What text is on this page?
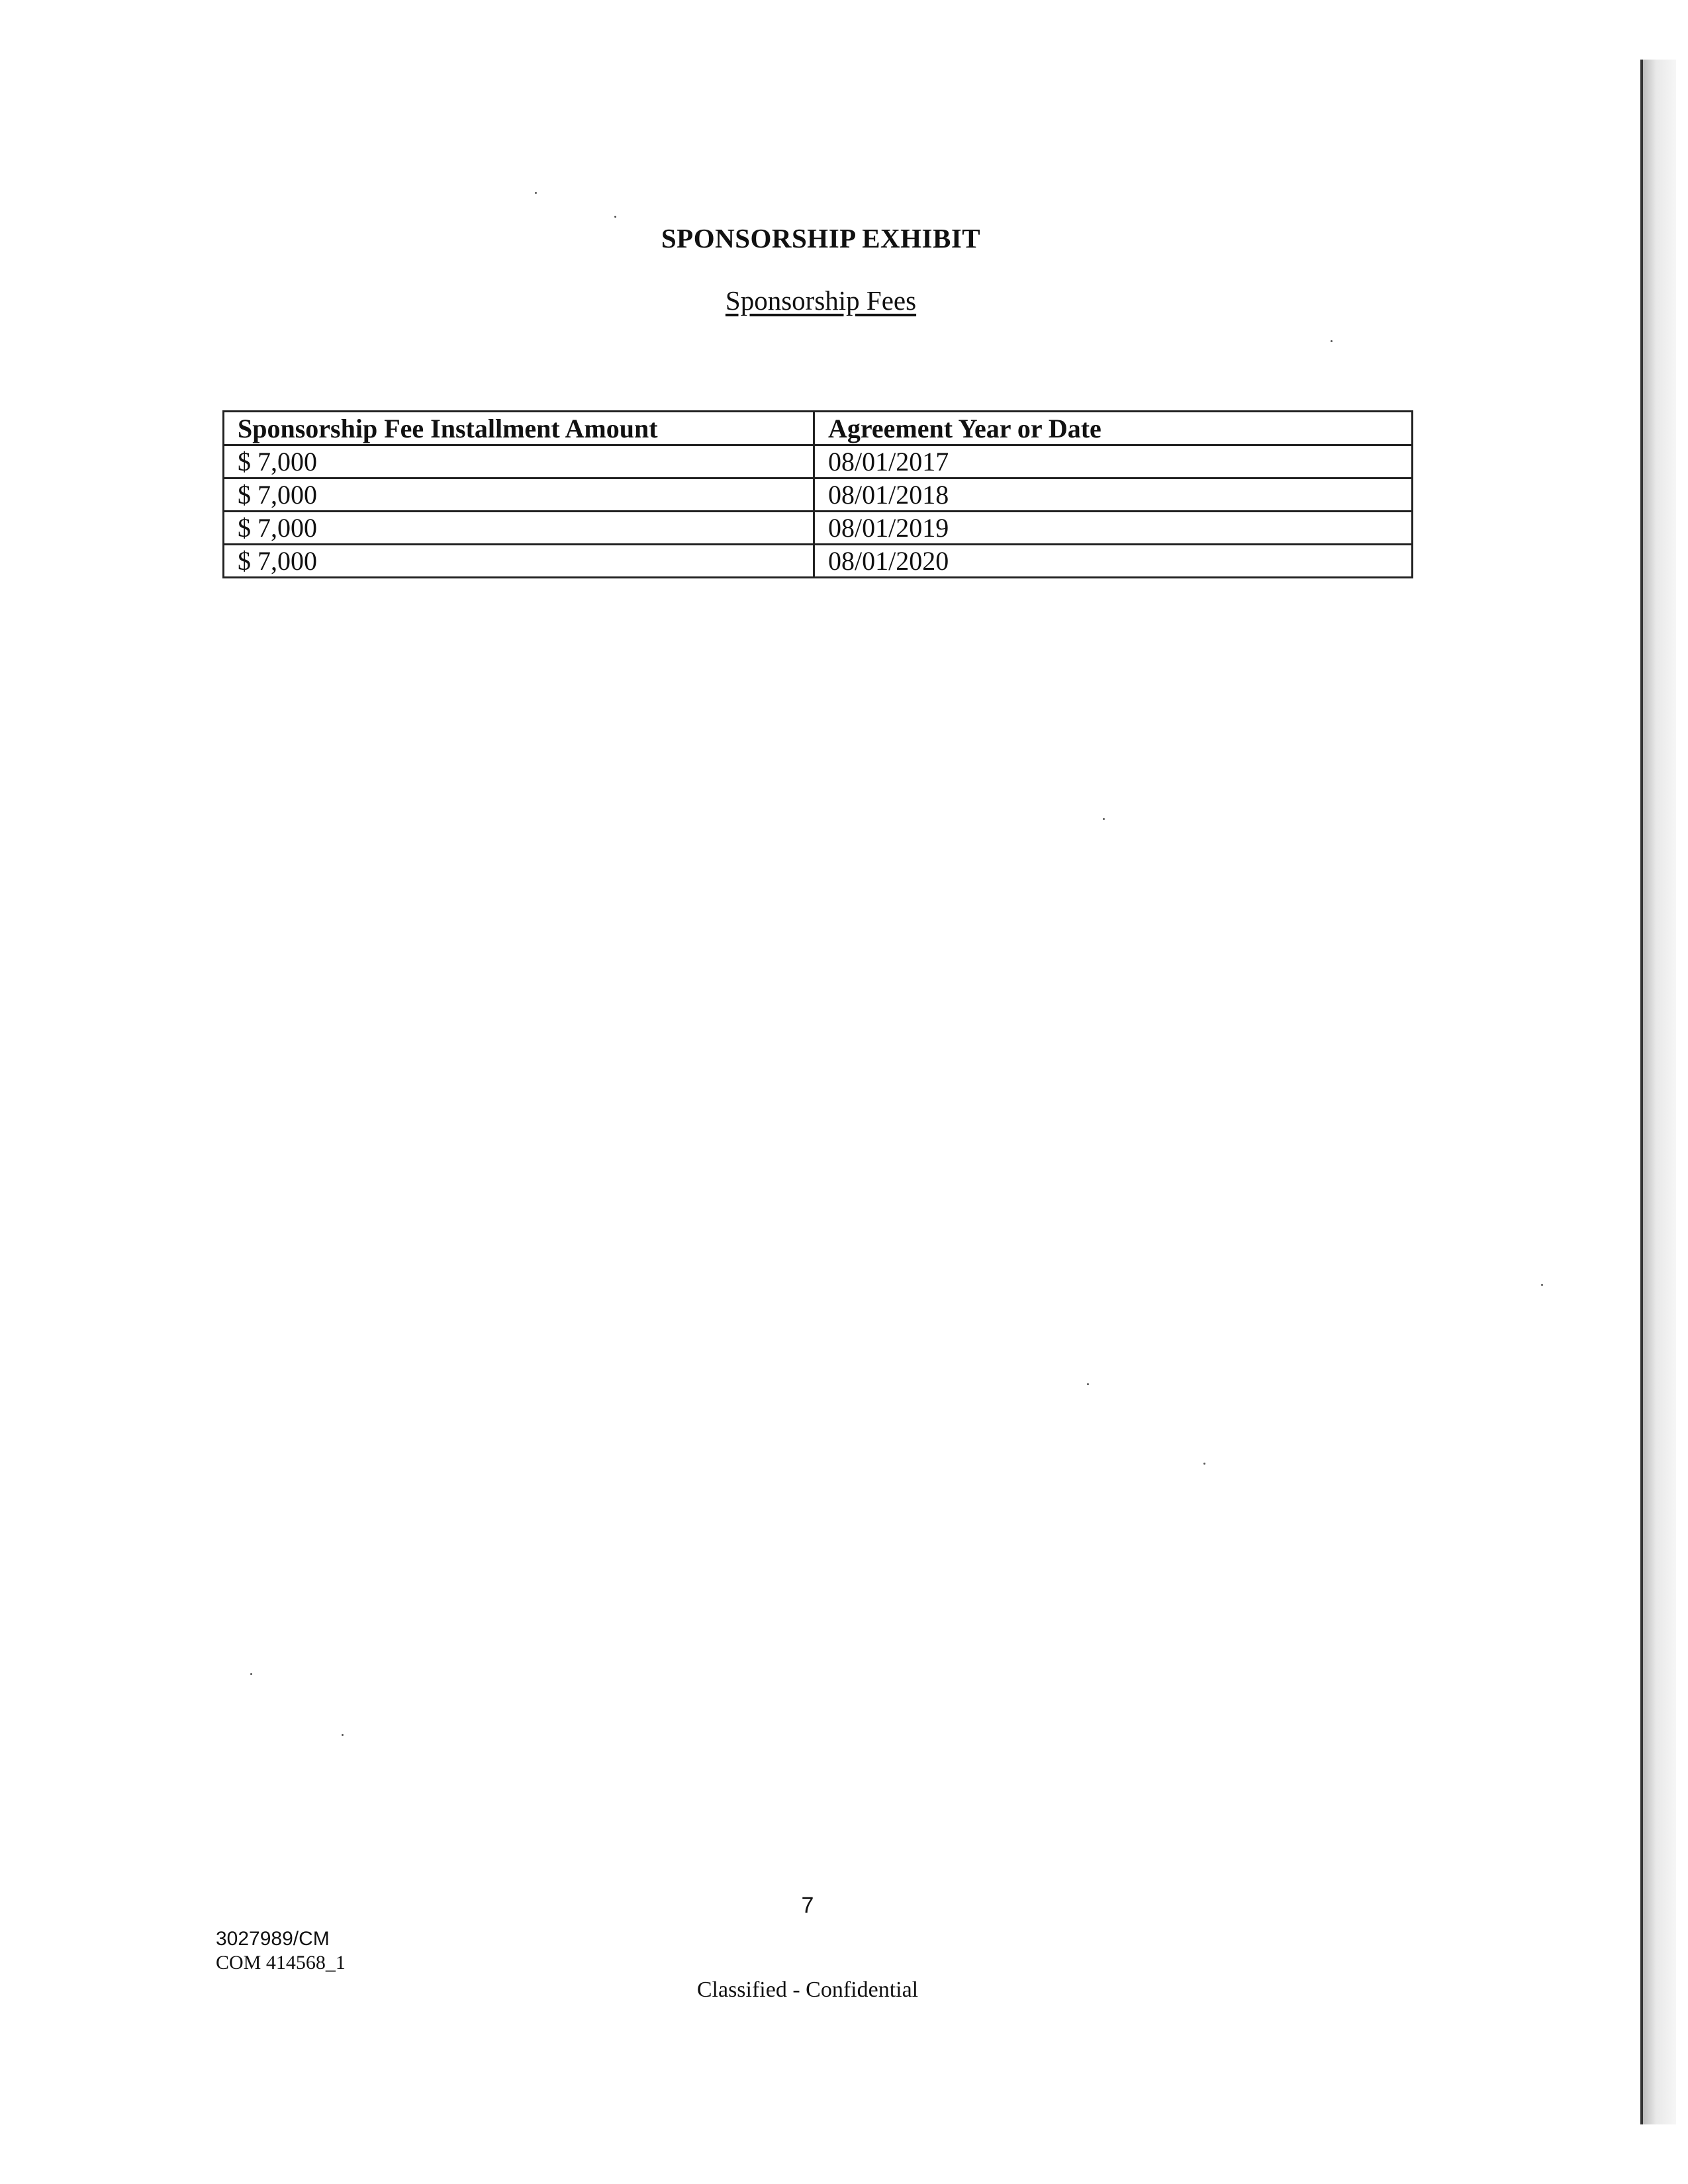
SPONSORSHIP EXHIBIT
Sponsorship Fees
Sponsorship Fee Installment Amount	Agreement Year or Date
$ 7,000	08/01/2017
$ 7,000	08/01/2018
$ 7,000	08/01/2019
$ 7,000	08/01/2020
7
3027989/CM
COM 414568_1
Classified - Confidential
